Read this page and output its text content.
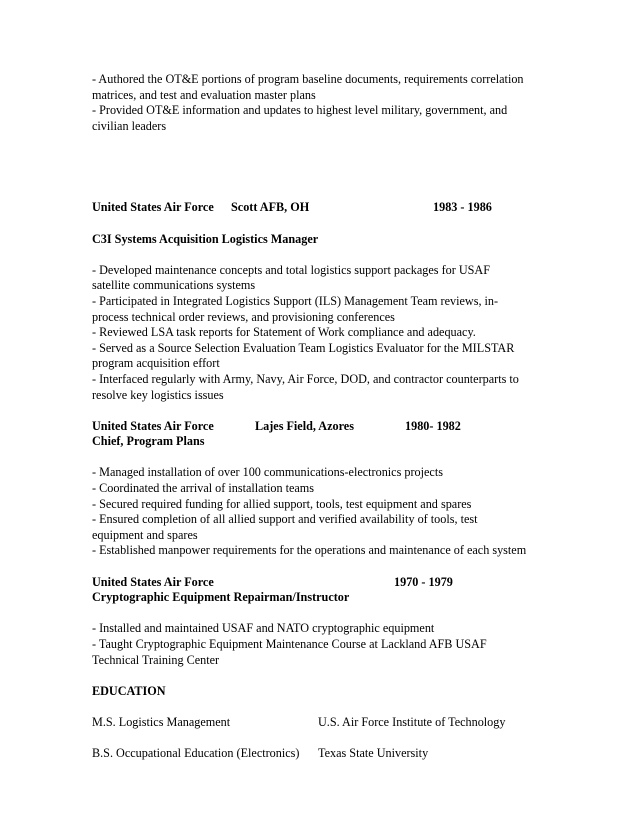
- Authored the OT&E portions of program baseline documents, requirements correlation
matrices, and test and evaluation master plans
- Provided OT&E information and updates to highest level military, government, and
civilian leaders
United States Air Force Scott AFB, OH	1983 - 1986
C3I Systems Acquisition Logistics Manager
- Developed maintenance concepts and total logistics support packages for USAF
satellite communications systems
- Participated in Integrated Logistics Support (ILS) Management Team reviews, in-
process technical order reviews, and provisioning conferences
- Reviewed LSA task reports for Statement of Work compliance and adequacy.
- Served as a Source Selection Evaluation Team Logistics Evaluator for the MILSTAR
program acquisition effort
- Interfaced regularly with Army, Navy, Air Force, DOD, and contractor counterparts to
resolve key logistics issues
United States Air Force	Lajes Field, Azores	1980- 1982
Chief, Program Plans
- Managed installation of over 100 communications-electronics projects
- Coordinated the arrival of installation teams
- Secured required funding for allied support, tools, test equipment and spares
- Ensured completion of all allied support and verified availability of tools, test
equipment and spares
- Established manpower requirements for the operations and maintenance of each system
United States Air Force	1970 - 1979
Cryptographic Equipment Repairman/Instructor
- Installed and maintained USAF and NATO cryptographic equipment
- Taught Cryptographic Equipment Maintenance Course at Lackland AFB USAF
Technical Training Center
EDUCATION
M.S. Logistics Management	U.S. Air Force Institute of Technology
B.S. Occupational Education (Electronics) Texas State University
